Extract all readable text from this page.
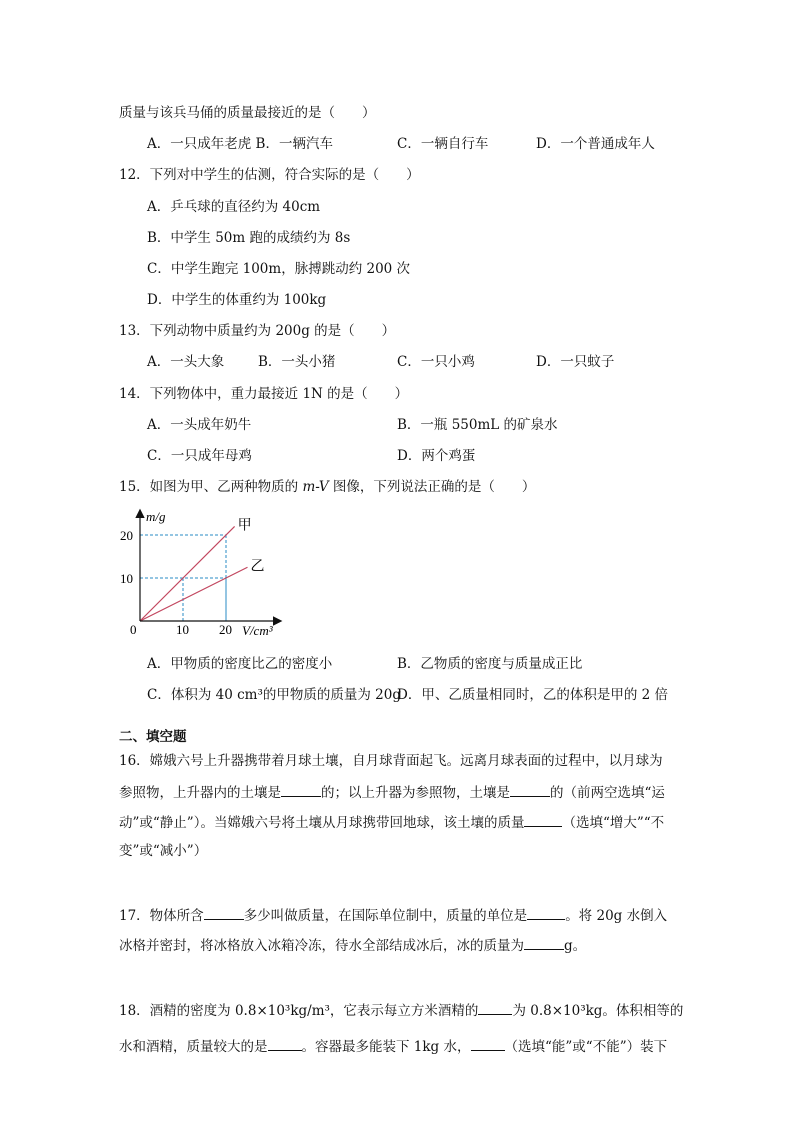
质量与该兵马俑的质量最接近的是（　　）
A．一只成年老虎 B．一辆汽车	C．一辆自行车	D．一个普通成年人
12．下列对中学生的估测，符合实际的是（　　）
A．乒乓球的直径约为 40cm
B．中学生 50m 跑的成绩约为 8s
C．中学生跑完 100m，脉搏跳动约 200 次
D．中学生的体重约为 100kg
13．下列动物中质量约为 200g 的是（　　）
A．一头大象	B．一头小猪	C．一只小鸡	D．一只蚊子
14．下列物体中，重力最接近 1N 的是（　　）
A．一头成年奶牛	B．一瓶 550mL 的矿泉水
C．一只成年母鸡	D．两个鸡蛋
15．如图为甲、乙两种物质的 m-V 图像，下列说法正确的是（　　）
m/g
V/cm³
0	10 20
10
20
甲
乙
A．甲物质的密度比乙的密度小	B．乙物质的密度与质量成正比
C．体积为 40 cm³的甲物质的质量为 20g
D．甲、乙质量相同时，乙的体积是甲的 2 倍
二、填空题
16．嫦娥六号上升器携带着月球土壤，自月球背面起飞。远离月球表面的过程中，以月球为
参照物，上升器内的土壤是	的；以上升器为参照物，土壤是	的（前两空选填“运
动”或“静止”）。当嫦娥六号将土壤从月球携带回地球，该土壤的质量	（选填“增大”“不
变”或“减小”）
17．物体所含	多少叫做质量，在国际单位制中，质量的单位是	。将 20g 水倒入
冰格并密封，将冰格放入冰箱冷冻，待水全部结成冰后，冰的质量为	g。
18．酒精的密度为 0.8×10³kg/m³，它表示每立方米酒精的	为 0.8×10³kg。体积相等的
水和酒精，质量较大的是	。容器最多能装下 1kg 水，	（选填“能”或“不能”）装下
